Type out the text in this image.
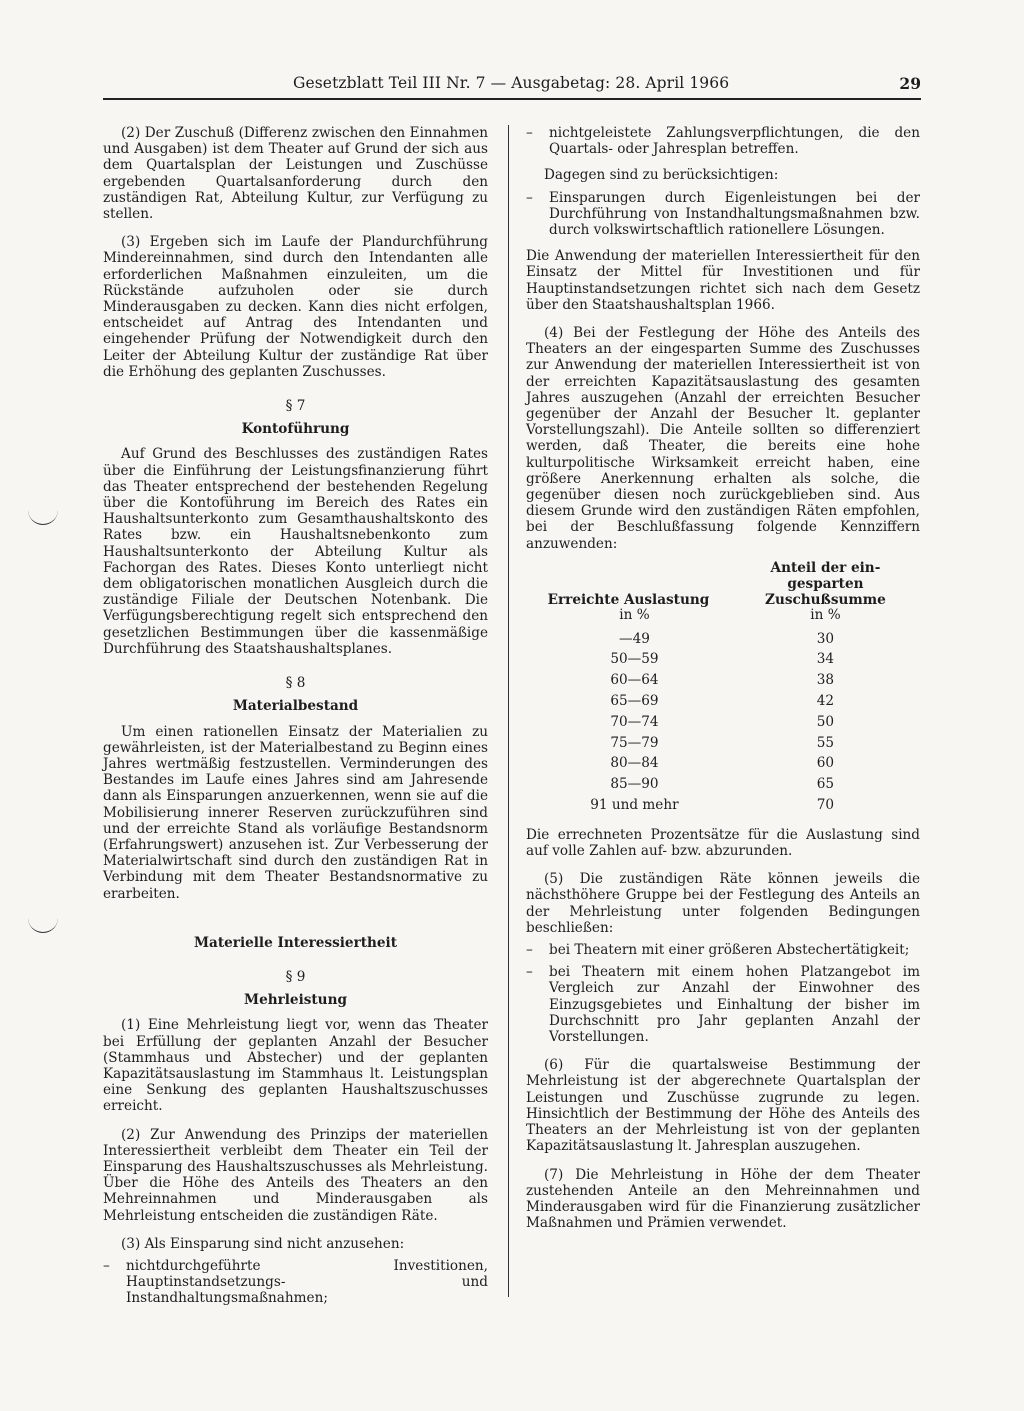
Gesetzblatt Teil III Nr. 7 — Ausgabetag: 28. April 1966	29

(2) Der Zuschuß (Differenz zwischen den Einnahmen und Ausgaben) ist dem Theater auf Grund der sich aus dem Quartalsplan der Leistungen und Zuschüsse ergebenden Quartalsanforderung durch den zuständigen Rat, Abteilung Kultur, zur Verfügung zu stellen.

(3) Ergeben sich im Laufe der Plandurchführung Mindereinnahmen, sind durch den Intendanten alle erforderlichen Maßnahmen einzuleiten, um die Rückstände aufzuholen oder sie durch Minderausgaben zu decken. Kann dies nicht erfolgen, entscheidet auf Antrag des Intendanten und eingehender Prüfung der Notwendigkeit durch den Leiter der Abteilung Kultur der zuständige Rat über die Erhöhung des geplanten Zuschusses.

§ 7
Kontoführung

Auf Grund des Beschlusses des zuständigen Rates über die Einführung der Leistungsfinanzierung führt das Theater entsprechend der bestehenden Regelung über die Kontoführung im Bereich des Rates ein Haushaltsunterkonto zum Gesamthaushaltskonto des Rates bzw. ein Haushaltsnebenkonto zum Haushaltsunterkonto der Abteilung Kultur als Fachorgan des Rates. Dieses Konto unterliegt nicht dem obligatorischen monatlichen Ausgleich durch die zuständige Filiale der Deutschen Notenbank. Die Verfügungsberechtigung regelt sich entsprechend den gesetzlichen Bestimmungen über die kassenmäßige Durchführung des Staatshaushaltsplanes.

§ 8
Materialbestand

Um einen rationellen Einsatz der Materialien zu gewährleisten, ist der Materialbestand zu Beginn eines Jahres wertmäßig festzustellen. Verminderungen des Bestandes im Laufe eines Jahres sind am Jahresende dann als Einsparungen anzuerkennen, wenn sie auf die Mobilisierung innerer Reserven zurückzuführen sind und der erreichte Stand als vorläufige Bestandsnorm (Erfahrungswert) anzusehen ist. Zur Verbesserung der Materialwirtschaft sind durch den zuständigen Rat in Verbindung mit dem Theater Bestandsnormative zu erarbeiten.

Materielle Interessiertheit
§ 9
Mehrleistung

(1) Eine Mehrleistung liegt vor, wenn das Theater bei Erfüllung der geplanten Anzahl der Besucher (Stammhaus und Abstecher) und der geplanten Kapazitätsauslastung im Stammhaus lt. Leistungsplan eine Senkung des geplanten Haushaltszuschusses erreicht.

(2) Zur Anwendung des Prinzips der materiellen Interessiertheit verbleibt dem Theater ein Teil der Einsparung des Haushaltszuschusses als Mehrleistung. Über die Höhe des Anteils des Theaters an den Mehreinnahmen und Minderausgaben als Mehrleistung entscheiden die zuständigen Räte.

(3) Als Einsparung sind nicht anzusehen:

–	nichtdurchgeführte Investitionen, Hauptinstandsetzungs- und Instandhaltungsmaßnahmen;
–	nichtgeleistete Zahlungsverpflichtungen, die den Quartals- oder Jahresplan betreffen.

Dagegen sind zu berücksichtigen:

–	Einsparungen durch Eigenleistungen bei der Durchführung von Instandhaltungsmaßnahmen bzw. durch volkswirtschaftlich rationellere Lösungen.

Die Anwendung der materiellen Interessiertheit für den Einsatz der Mittel für Investitionen und für Hauptinstandsetzungen richtet sich nach dem Gesetz über den Staatshaushaltsplan 1966.

(4) Bei der Festlegung der Höhe des Anteils des Theaters an der eingesparten Summe des Zuschusses zur Anwendung der materiellen Interessiertheit ist von der erreichten Kapazitätsauslastung des gesamten Jahres auszugehen (Anzahl der erreichten Besucher gegenüber der Anzahl der Besucher lt. geplanter Vorstellungszahl). Die Anteile sollten so differenziert werden, daß Theater, die bereits eine hohe kulturpolitische Wirksamkeit erreicht haben, eine größere Anerkennung erhalten als solche, die gegenüber diesen noch zurückgeblieben sind. Aus diesem Grunde wird den zuständigen Räten empfohlen, bei der Beschlußfassung folgende Kennziffern anzuwenden:

Erreichte Auslastung	Anteil der ein-
gesparten Zuschußsumme

in %	in %
—49	30
50—59	34
60—64	38
65—69	42
70—74	50
75—79	55
80—84	60
85—90	65
91 und mehr	70

Die errechneten Prozentsätze für die Auslastung sind auf volle Zahlen auf- bzw. abzurunden.

(5) Die zuständigen Räte können jeweils die nächsthöhere Gruppe bei der Festlegung des Anteils an der Mehrleistung unter folgenden Bedingungen beschließen:

–	bei Theatern mit einer größeren Abstechertätigkeit;
–	bei Theatern mit einem hohen Platzangebot im Vergleich zur Anzahl der Einwohner des Einzugsgebietes und Einhaltung der bisher im Durchschnitt pro Jahr geplanten Anzahl der Vorstellungen.

(6) Für die quartalsweise Bestimmung der Mehrleistung ist der abgerechnete Quartalsplan der Leistungen und Zuschüsse zugrunde zu legen. Hinsichtlich der Bestimmung der Höhe des Anteils des Theaters an der Mehrleistung ist von der geplanten Kapazitätsauslastung lt. Jahresplan auszugehen.

(7) Die Mehrleistung in Höhe der dem Theater zustehenden Anteile an den Mehreinnahmen und Minderausgaben wird für die Finanzierung zusätzlicher Maßnahmen und Prämien verwendet.
